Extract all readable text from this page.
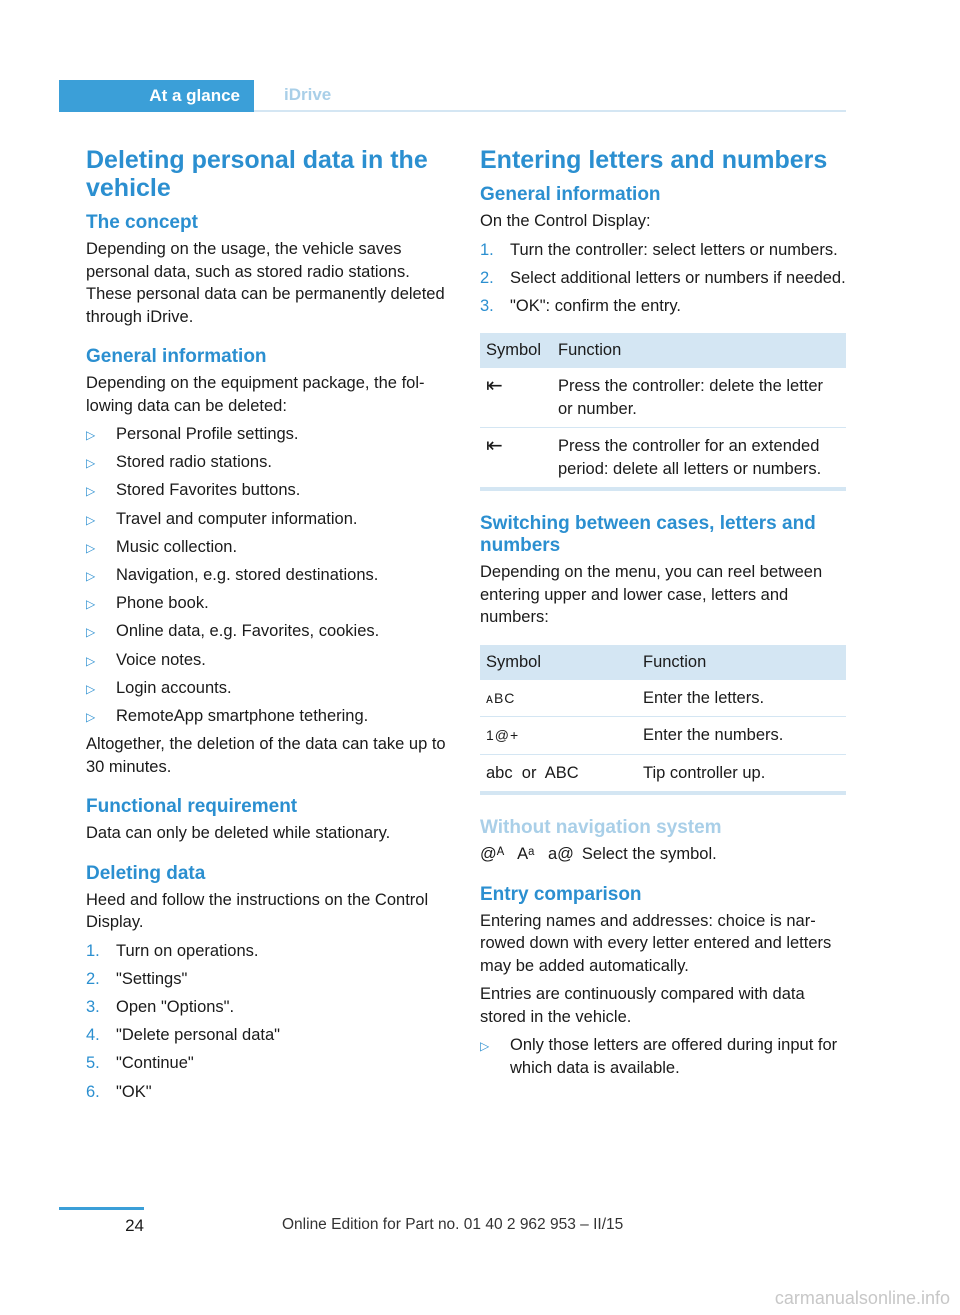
At a glance	iDrive
Deleting personal data in the vehicle
The concept

Depending on the usage, the vehicle saves personal data, such as stored radio stations. These personal data can be permanently deleted through iDrive.

General information

Depending on the equipment package, the following data can be deleted:

▷ Personal Profile settings.
▷ Stored radio stations.
▷ Stored Favorites buttons.
▷ Travel and computer information.
▷ Music collection.
▷ Navigation, e.g. stored destinations.
▷ Phone book.
▷ Online data, e.g. Favorites, cookies.
▷ Voice notes.
▷ Login accounts.
▷ RemoteApp smartphone tethering.

Altogether, the deletion of the data can take up to 30 minutes.

Functional requirement

Data can only be deleted while stationary.

Deleting data

Heed and follow the instructions on the Control Display.

1. Turn on operations.
2. "Settings"
3. Open "Options".
4. "Delete personal data"
5. "Continue"
6. "OK"
Entering letters and numbers
General information

On the Control Display:

1. Turn the controller: select letters or numbers.
2. Select additional letters or numbers if needed.
3. "OK": confirm the entry.
Symbol	Function
⇤	Press the controller: delete the letter or number.
⇤	Press the controller for an extended period: delete all letters or numbers.
Switching between cases, letters and numbers

Depending on the menu, you can reel between entering upper and lower case, letters and numbers:

Symbol	Function
ᴀBC	Enter the letters.
1@+	Enter the numbers.
abc  or  ABC	Tip controller up.
Without navigation system

@ᴬ   Aᵃ   a@ Select the symbol.

Entry comparison

Entering names and addresses: choice is narrowed down with every letter entered and letters may be added automatically.

Entries are continuously compared with data stored in the vehicle.

▷ Only those letters are offered during input for which data is available.
24	Online Edition for Part no. 01 40 2 962 953 – II/15
carmanualsonline.info
